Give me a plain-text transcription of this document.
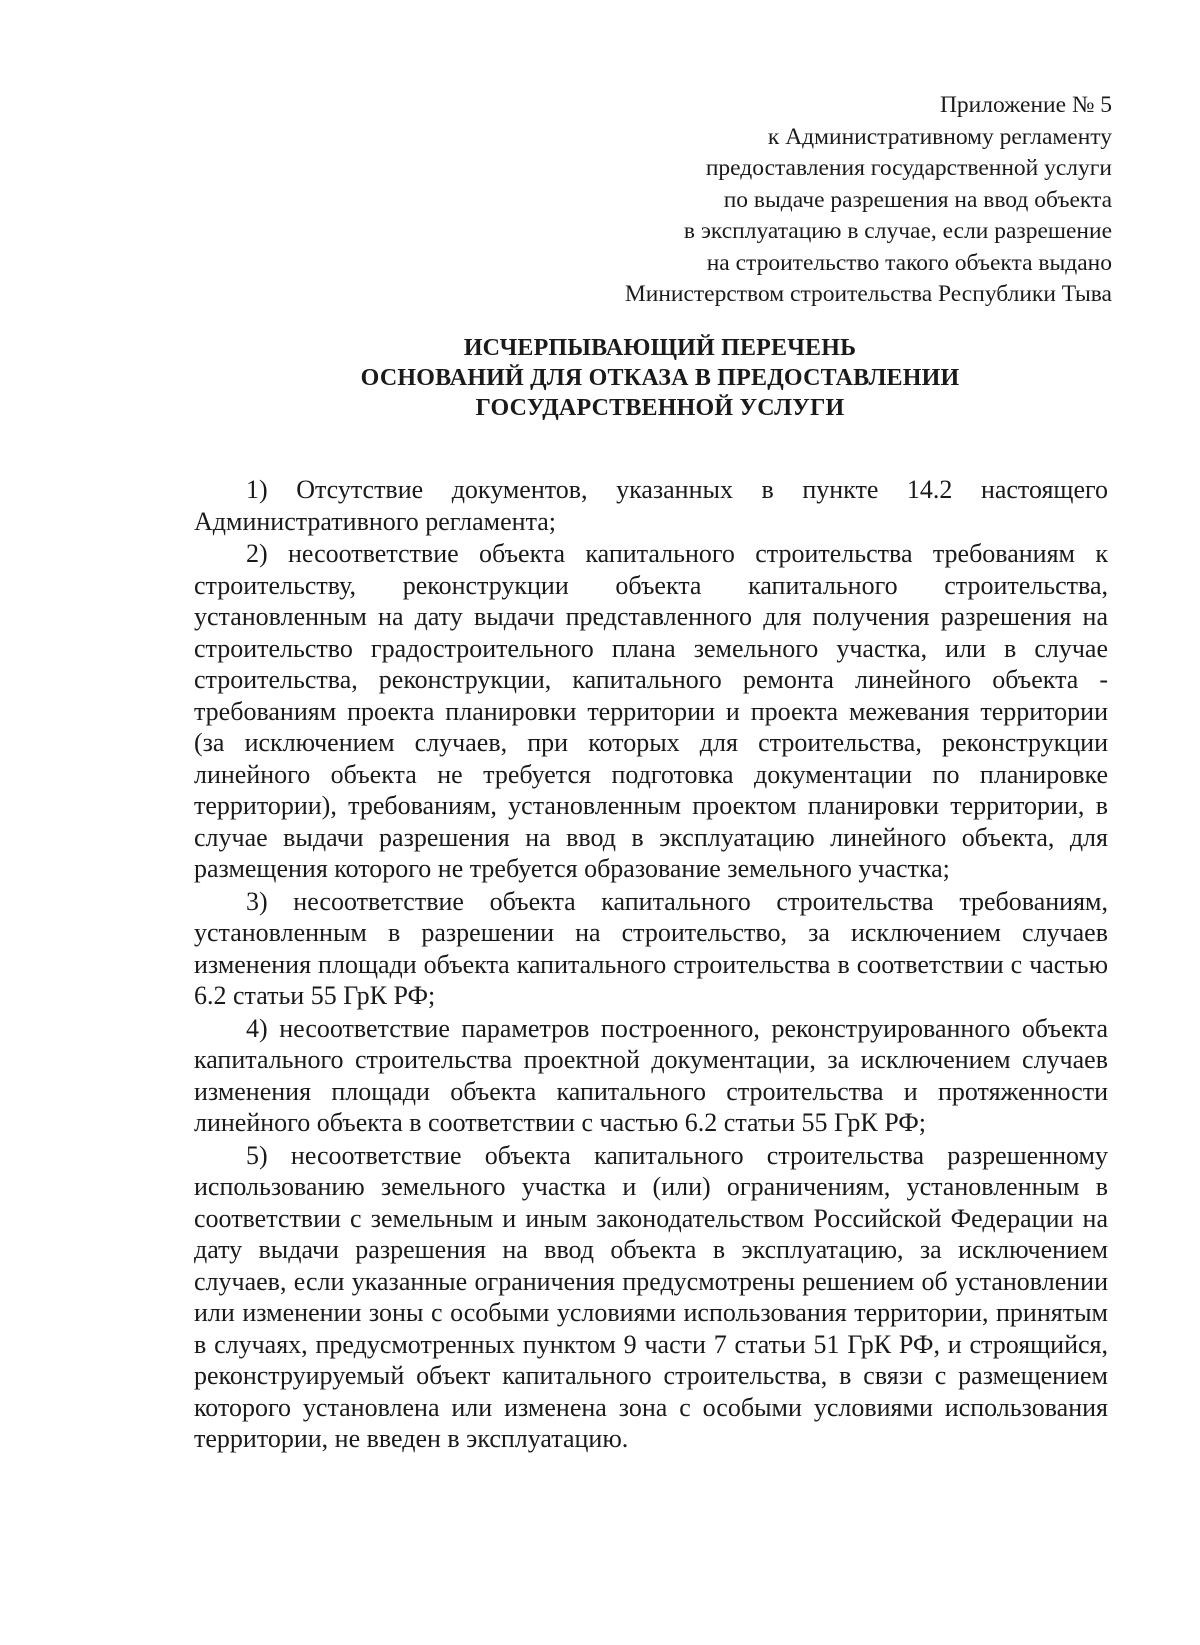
Приложение № 5
к Административному регламенту
предоставления государственной услуги
по выдаче разрешения на ввод объекта
в эксплуатацию в случае, если разрешение
на строительство такого объекта выдано
Министерством строительства Республики Тыва
ИСЧЕРПЫВАЮЩИЙ ПЕРЕЧЕНЬ
ОСНОВАНИЙ ДЛЯ ОТКАЗА В ПРЕДОСТАВЛЕНИИ
ГОСУДАРСТВЕННОЙ УСЛУГИ

1) Отсутствие документов, указанных в пункте 14.2 настоящего Административного регламента;

2) несоответствие объекта капитального строительства требованиям к строительству, реконструкции объекта капитального строительства, установленным на дату выдачи представленного для получения разрешения на строительство градостроительного плана земельного участка, или в случае строительства, реконструкции, капитального ремонта линейного объекта - требованиям проекта планировки территории и проекта межевания территории (за исключением случаев, при которых для строительства, реконструкции линейного объекта не требуется подготовка документации по планировке территории), требованиям, установленным проектом планировки территории, в случае выдачи разрешения на ввод в эксплуатацию линейного объекта, для размещения которого не требуется образование земельного участка;

3) несоответствие объекта капитального строительства требованиям, установленным в разрешении на строительство, за исключением случаев изменения площади объекта капитального строительства в соответствии с частью 6.2 статьи 55 ГрК РФ;

4) несоответствие параметров построенного, реконструированного объекта капитального строительства проектной документации, за исключением случаев изменения площади объекта капитального строительства и протяженности линейного объекта в соответствии с частью 6.2 статьи 55 ГрК РФ;

5) несоответствие объекта капитального строительства разрешенному использованию земельного участка и (или) ограничениям, установленным в соответствии с земельным и иным законодательством Российской Федерации на дату выдачи разрешения на ввод объекта в эксплуатацию, за исключением случаев, если указанные ограничения предусмотрены решением об установлении или изменении зоны с особыми условиями использования территории, принятым в случаях, предусмотренных пунктом 9 части 7 статьи 51 ГрК РФ, и строящийся, реконструируемый объект капитального строительства, в связи с размещением которого установлена или изменена зона с особыми условиями использования территории, не введен в эксплуатацию.
